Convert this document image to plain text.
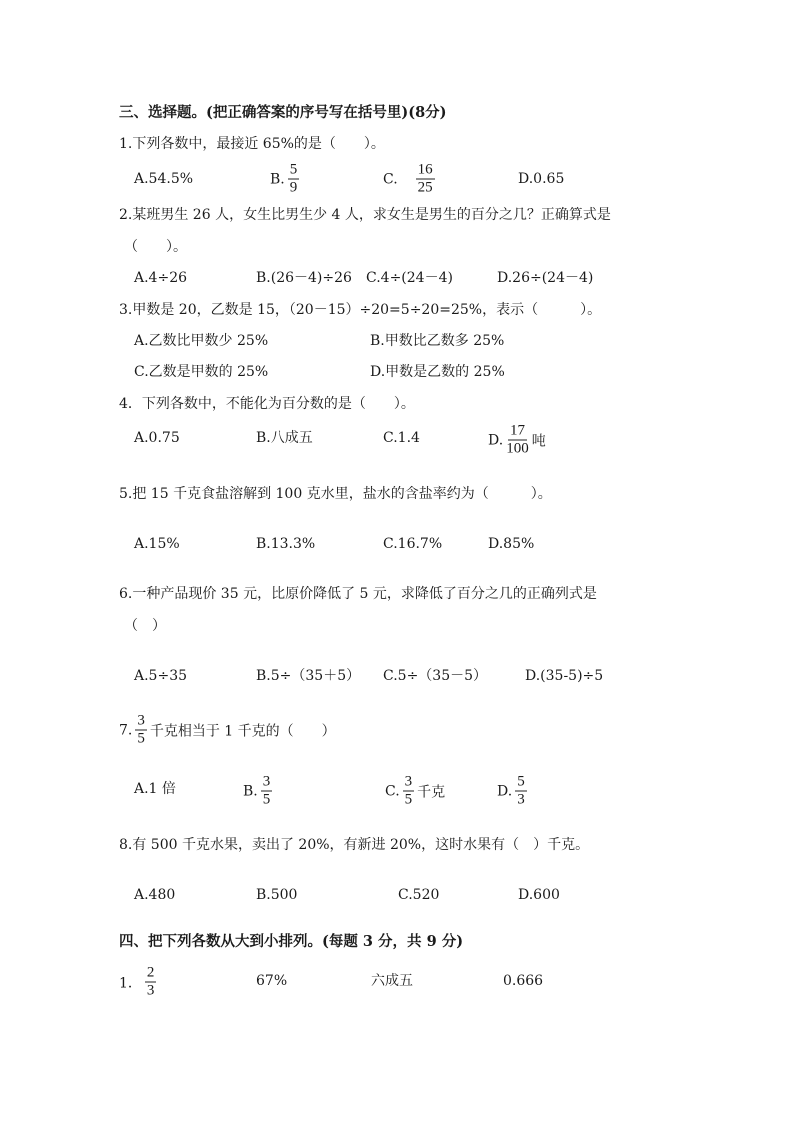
三、选择题。(把正确答案的序号写在括号里)(8分)
1.下列各数中，最接近 65%的是（　　）。
A.54.5%	B. $\frac{5}{9}$	C. $\frac{16}{25}$	D.0.65
2.某班男生 26 人，女生比男生少 4 人，求女生是男生的百分之几？正确算式是
（　　）。
A.4÷26	B.(26－4)÷26 C.4÷(24－4)	D.26÷(24－4)
3.甲数是 20，乙数是 15，（20－15）÷20=5÷20=25%，表示（　　　）。
A.乙数比甲数少 25%	B.甲数比乙数多 25%
C.乙数是甲数的 25%	D.甲数是乙数的 25%
4．下列各数中，不能化为百分数的是（　　）。
A.0.75	B.八成五	C.1.4	D. $\frac{17}{100}$ 吨
5.把 15 千克食盐溶解到 100 克水里，盐水的含盐率约为（　　　）。
A.15%	B.13.3%	C.16.7%	D.85%
6.一种产品现价 35 元，比原价降低了 5 元，求降低了百分之几的正确列式是
（　）
A.5÷35	B.5÷（35＋5） C.5÷（35－5）	D.(35-5)÷5
7. $\frac{3}{5}$ 千克相当于 1 千克的（　　）
A.1 倍	B. $\frac{3}{5}$	C. $\frac{3}{5}$ 千克	D. $\frac{5}{3}$
8.有 500 千克水果，卖出了 20%，有新进 20%，这时水果有（　）千克。
A.480	B.500	C.520	D.600
四、把下列各数从大到小排列。(每题 3 分，共 9 分)
1． $\frac{2}{3}$	67%	六成五	0.666
